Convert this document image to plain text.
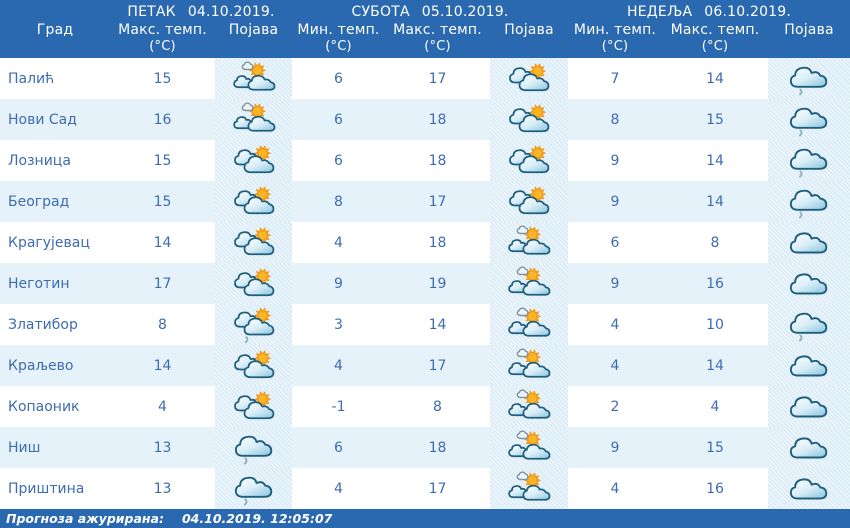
	ПЕТАК 04.10.2019.		СУБОТА 05.10.2019.			НЕДЕЉА 06.10.2019.		
Град	Макс. темп.	Појава	Мин. темп.	Макс. темп.	Појава	Мин. темп.	Макс. темп.	Појава
	(°C)		(°C)	(°C)		(°C)	(°C)	
Палић	15		6	17		7	14	

Нови Сад	16		6	18		8	15	

Лозница	15		6	18		9	14	

Београд	15		8	17		9	14	

Крагујевац	14		4	18		6	8	

Неготин	17		9	19		9	16	

Златибор	8		3	14		4	10	

Краљево	14		4	17		4	14	

Копаоник	4		-1	8		2	4	

Ниш	13		6	18		9	15	

Приштина	13		4	17		4	16	
Прогноза ажурирана: 04.10.2019. 12:05:07
